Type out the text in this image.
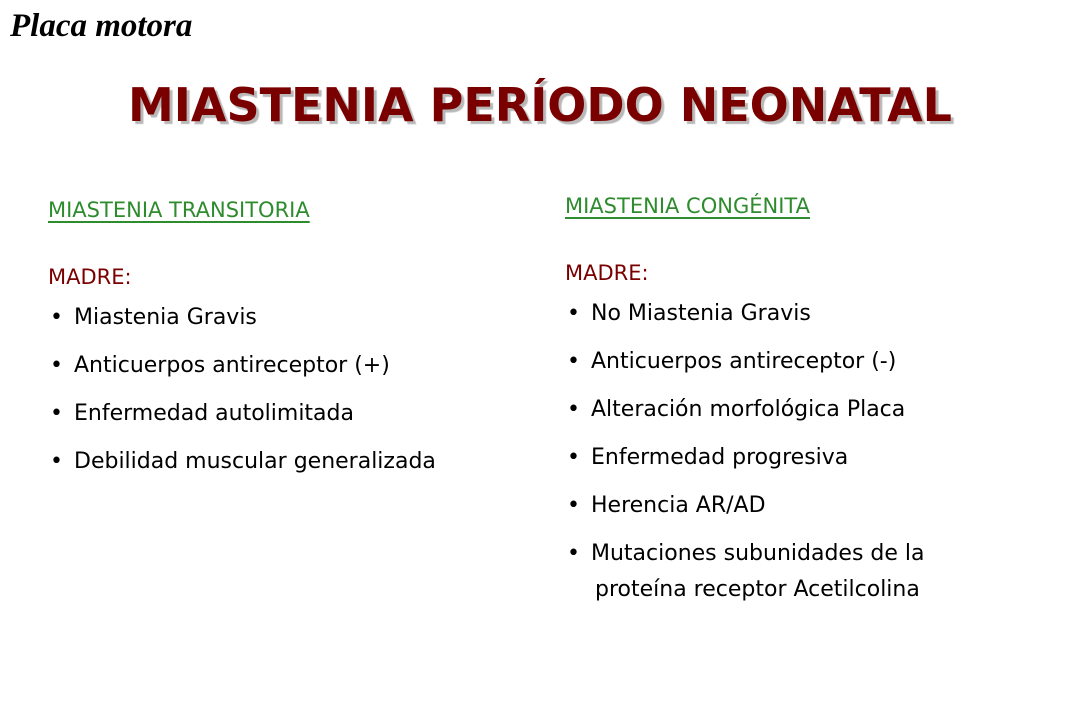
Placa motora
MIASTENIA PERÍODO NEONATAL
MIASTENIA TRANSITORIA
MADRE:
• Miastenia Gravis
• Anticuerpos antireceptor (+)
• Enfermedad autolimitada
• Debilidad muscular generalizada
MIASTENIA CONGÉNITA
MADRE:
• No Miastenia Gravis
• Anticuerpos antireceptor (-)
• Alteración morfológica Placa
• Enfermedad progresiva
• Herencia AR/AD
• Mutaciones subunidades de la
proteína receptor Acetilcolina
